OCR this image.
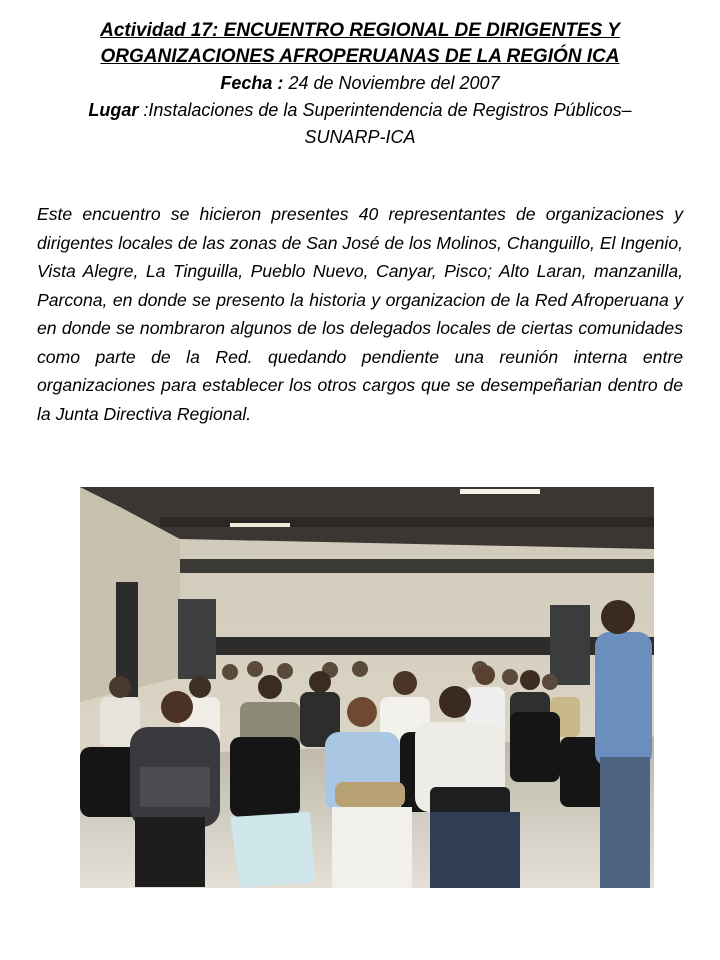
Actividad 17: ENCUENTRO REGIONAL DE DIRIGENTES Y

ORGANIZACIONES AFROPERUANAS DE LA REGIÓN ICA

Fecha : 24 de Noviembre del 2007

Lugar :Instalaciones de la Superintendencia de Registros Públicos–

SUNARP-ICA

Este encuentro se hicieron presentes 40 representantes de organizaciones y dirigentes locales de las zonas de San José de los Molinos, Changuillo, El Ingenio, Vista Alegre, La Tinguilla, Pueblo Nuevo, Canyar, Pisco; Alto Laran, manzanilla, Parcona, en donde se presento la historia y organizacion de la Red Afroperuana y en donde se nombraron algunos de los delegados locales de ciertas comunidades como parte de la Red. quedando pendiente una reunión interna entre organizaciones para establecer los otros cargos que se desempeñarian dentro de la Junta Directiva Regional.
